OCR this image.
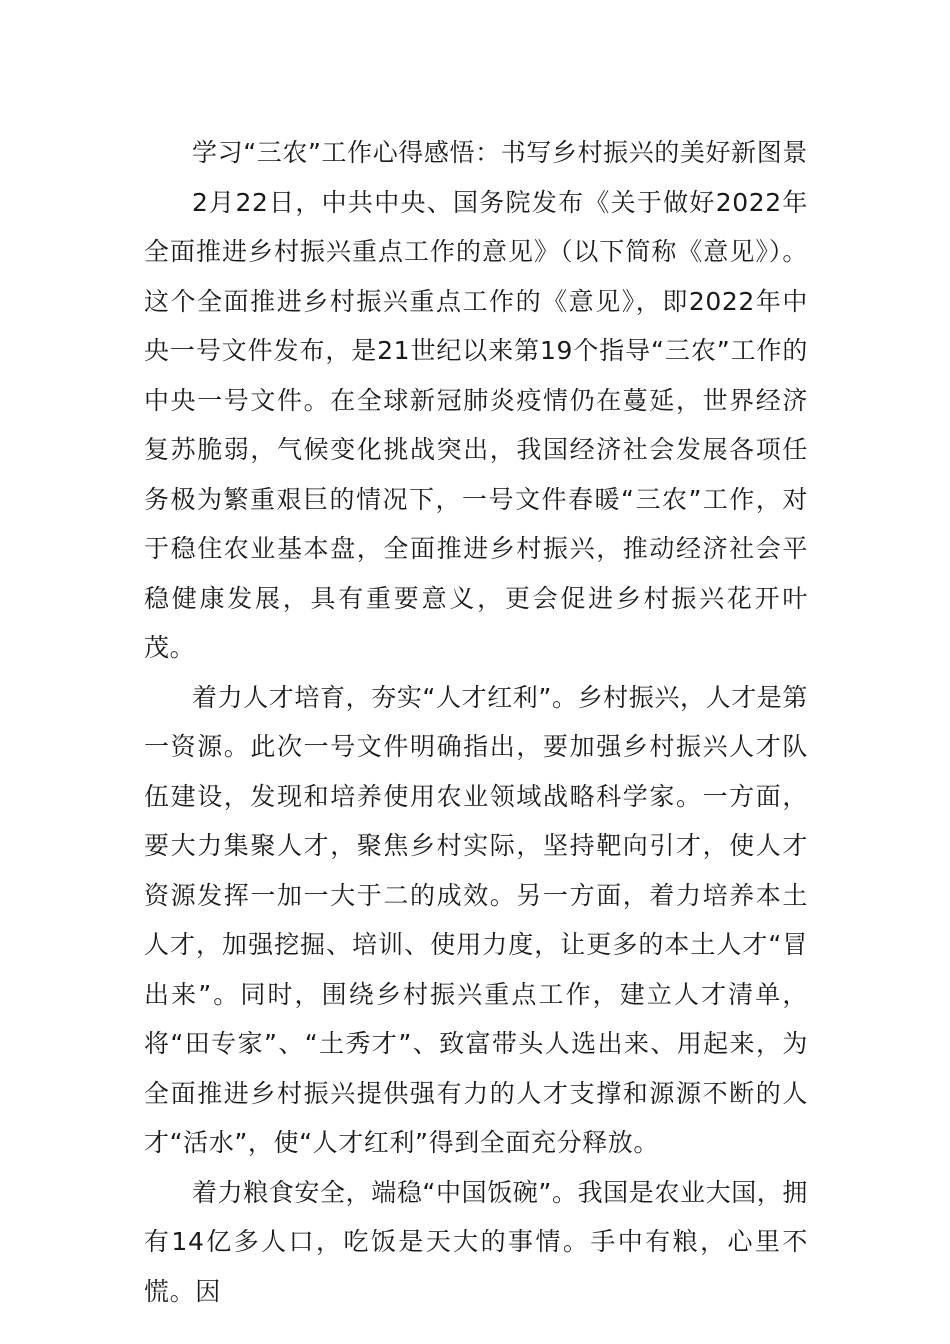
学习“三农”工作心得感悟：书写乡村振兴的美好新图景

2月22日，中共中央、国务院发布《关于做好2022年全面推进乡村振兴重点工作的意见》（以下简称《意见》）。这个全面推进乡村振兴重点工作的《意见》，即2022年中央一号文件发布，是21世纪以来第19个指导“三农”工作的中央一号文件。在全球新冠肺炎疫情仍在蔓延，世界经济复苏脆弱，气候变化挑战突出，我国经济社会发展各项任务极为繁重艰巨的情况下，一号文件春暖“三农”工作，对于稳住农业基本盘，全面推进乡村振兴，推动经济社会平稳健康发展，具有重要意义，更会促进乡村振兴花开叶茂。

着力人才培育，夯实“人才红利”。乡村振兴，人才是第一资源。此次一号文件明确指出，要加强乡村振兴人才队伍建设，发现和培养使用农业领域战略科学家。一方面，要大力集聚人才，聚焦乡村实际，坚持靶向引才，使人才资源发挥一加一大于二的成效。另一方面，着力培养本土人才，加强挖掘、培训、使用力度，让更多的本土人才“冒出来”。同时，围绕乡村振兴重点工作，建立人才清单，将“田专家”、“土秀才”、致富带头人选出来、用起来，为全面推进乡村振兴提供强有力的人才支撑和源源不断的人才“活水”，使“人才红利”得到全面充分释放。

着力粮食安全，端稳“中国饭碗”。我国是农业大国，拥有14亿多人口，吃饭是天大的事情。手中有粮，心里不慌。因
